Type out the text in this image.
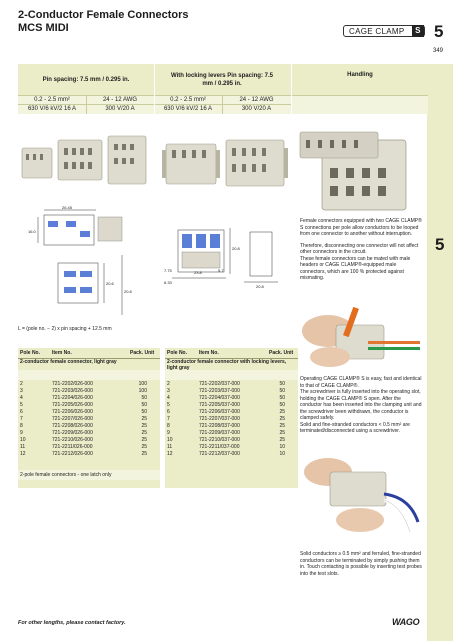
2-Conductor Female Connectors
MCS MIDI	CAGE CLAMP	S 5
349
5
Pin spacing: 7.5 mm / 0.295 in.
With locking levers Pin spacing: 7.5 mm / 0.295 in.
Handling
0.2 - 2.5 mm²	24 - 12 AWG
630 V/6 kV/2 16 A	300 V/20 A
0.2 - 2.5 mm²	24 - 12 AWG
630 V/6 kV/2 16 A	300 V/20 A
26.45
16.0
20.6
20.8
7.75	23.8	5.7
20.8
20.8
6.33
Female connectors equipped with two CAGE CLAMP® S connections per pole allow conductors to be looped from one connector to another without interruption.
Therefore, disconnecting one connector will not affect other connectors in the circuit.
These female connectors can be mated with male headers or CAGE CLAMP®-equipped male connectors, which are 100 % protected against mismating.
L = (pole no. − 2) x pin spacing + 12.5 mm
Operating CAGE CLAMP® S is easy, fast and identical to that of CAGE CLAMP®.
The screwdriver is fully inserted into the operating slot, holding the CAGE CLAMP® S open. After the conductor has been inserted into the clamping unit and the screwdriver been withdrawn, the conductor is clamped safely.
Solid and fine-stranded conductors < 0.5 mm² are terminated/disconnected using a screwdriver.
Solid conductors ≥ 0.5 mm² and ferruled, fine-stranded conductors can be terminated by simply pushing them in. Touch contacting is possible by inserting test probes into the test slots.
Pole No. Item No.	Pack. Unit
2-conductor female connector, light gray
2	721-2202/026-000	100
3	721-2203/026-000	100
4	721-2204/026-000	50
5	721-2205/026-000	50
6	721-2206/026-000	50
7	721-2207/026-000	25
8	721-2208/026-000	25
9	721-2209/026-000	25
10	721-2210/026-000	25
11	721-2211/026-000	25
12	721-2212/026-000	25
2-pole female connectors - one latch only
Pole No. Item No.	Pack. Unit
2-conductor female connector with locking levers, light gray
2	721-2202/037-000	50
3	721-2203/037-000	50
4	721-2204/037-000	50
5	721-2205/037-000	50
6	721-2206/037-000	25
7	721-2207/037-000	25
8	721-2208/037-000	25
9	721-2209/037-000	25
10	721-2210/037-000	25
11	721-2211/037-000	10
12	721-2212/037-000	10
For other lengths, please contact factory.	WAGO
